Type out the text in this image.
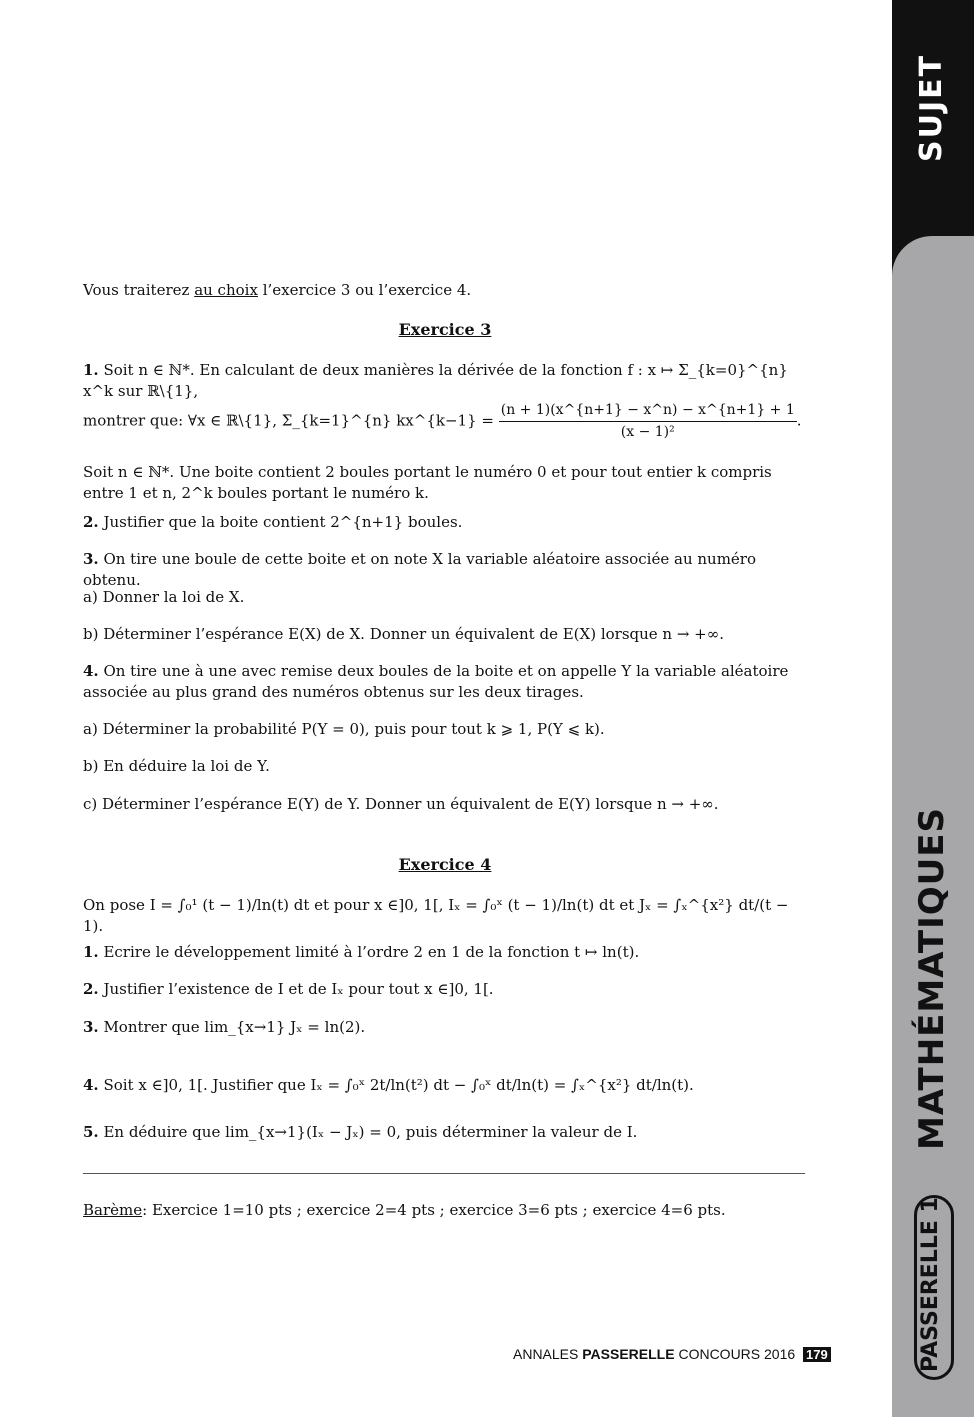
SUJET
MATHÉMATIQUES
PASSERELLE 1
Vous traiterez au choix l’exercice 3 ou l’exercice 4.
Exercice 3
1. Soit n ∈ ℕ*. En calculant de deux manières la dérivée de la fonction f : x ↦ Σ_{k=0}^{n} x^k sur ℝ\{1},
montrer que: ∀x ∈ ℝ\{1}, Σ_{k=1}^{n} kx^{k−1} = $\frac{(n + 1)(x\^{}\{n+1\} - x\^{}n) - x\^{}\{n+1\} + 1}{\text{(x − 1)²}}$ .
Soit n ∈ ℕ*. Une boite contient 2 boules portant le numéro 0 et pour tout entier k compris entre 1 et n, 2^k boules portant le numéro k.
2. Justifier que la boite contient 2^{n+1} boules.
3. On tire une boule de cette boite et on note X la variable aléatoire associée au numéro obtenu.
a) Donner la loi de X.
b) Déterminer l’espérance E(X) de X. Donner un équivalent de E(X) lorsque n → +∞.
4. On tire une à une avec remise deux boules de la boite et on appelle Y la variable aléatoire associée au plus grand des numéros obtenus sur les deux tirages.
a) Déterminer la probabilité P(Y = 0), puis pour tout k ⩾ 1, P(Y ⩽ k).
b) En déduire la loi de Y.
c) Déterminer l’espérance E(Y) de Y. Donner un équivalent de E(Y) lorsque n → +∞.
Exercice 4
On pose I = ∫₀¹ (t − 1)/ln(t) dt et pour x ∈]0, 1[, Iₓ = ∫₀ˣ (t − 1)/ln(t) dt et Jₓ = ∫ₓ^{x²} dt/(t − 1).
1. Ecrire le développement limité à l’ordre 2 en 1 de la fonction t ↦ ln(t).
2. Justifier l’existence de I et de Iₓ pour tout x ∈]0, 1[.
3. Montrer que lim_{x→1} Jₓ = ln(2).
4. Soit x ∈]0, 1[. Justifier que Iₓ = ∫₀ˣ 2t/ln(t²) dt − ∫₀ˣ dt/ln(t) = ∫ₓ^{x²} dt/ln(t).
5. En déduire que lim_{x→1}(Iₓ − Jₓ) = 0, puis déterminer la valeur de I.
Barème: Exercice 1=10 pts ; exercice 2=4 pts ; exercice 3=6 pts ; exercice 4=6 pts.
ANNALES PASSERELLE CONCOURS 2016 179
